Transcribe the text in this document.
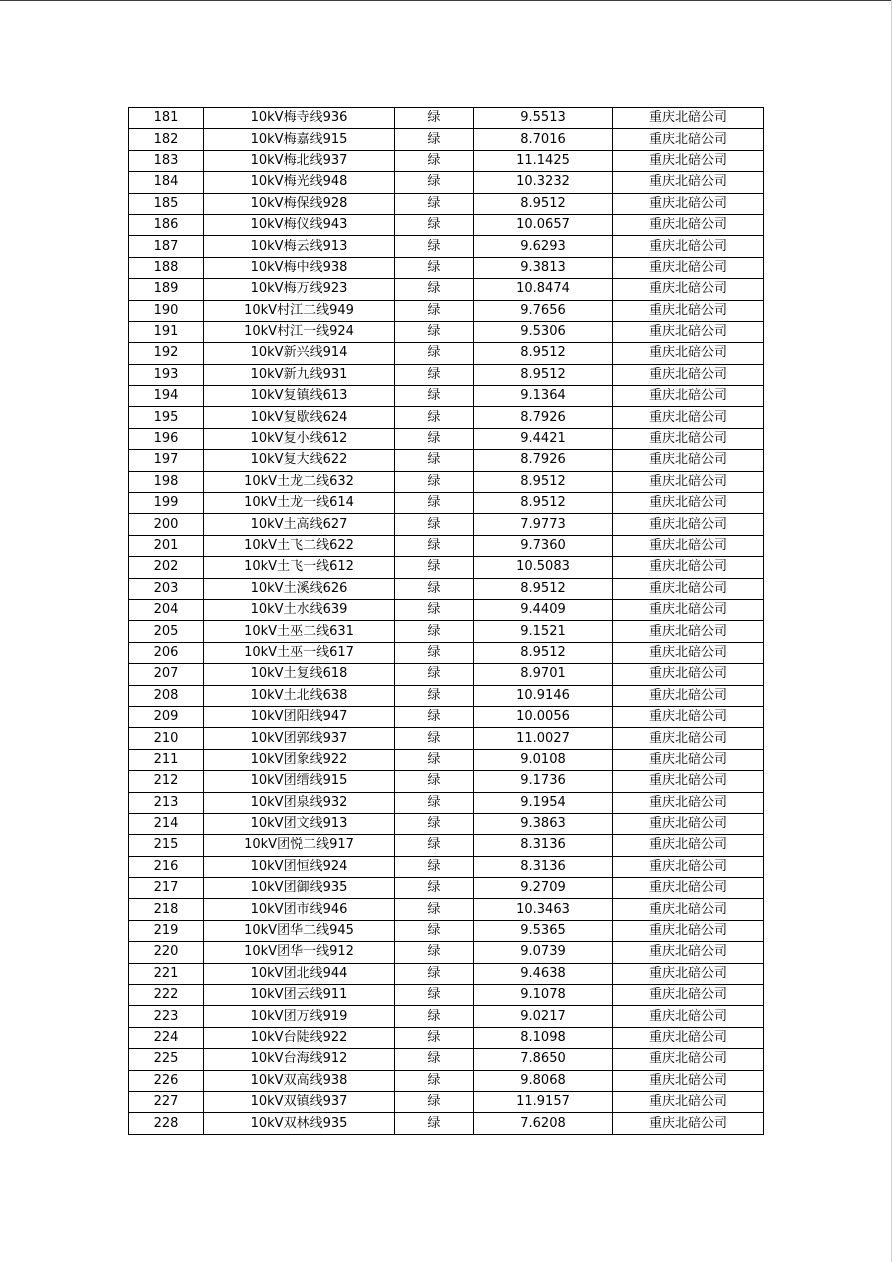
181	10kV梅寺线936	绿	9.5513	重庆北碚公司
182	10kV梅嘉线915	绿	8.7016	重庆北碚公司
183	10kV梅北线937	绿	11.1425	重庆北碚公司
184	10kV梅光线948	绿	10.3232	重庆北碚公司
185	10kV梅保线928	绿	8.9512	重庆北碚公司
186	10kV梅仪线943	绿	10.0657	重庆北碚公司
187	10kV梅云线913	绿	9.6293	重庆北碚公司
188	10kV梅中线938	绿	9.3813	重庆北碚公司
189	10kV梅万线923	绿	10.8474	重庆北碚公司
190	10kV村江二线949	绿	9.7656	重庆北碚公司
191	10kV村江一线924	绿	9.5306	重庆北碚公司
192	10kV新兴线914	绿	8.9512	重庆北碚公司
193	10kV新九线931	绿	8.9512	重庆北碚公司
194	10kV复镇线613	绿	9.1364	重庆北碚公司
195	10kV复歇线624	绿	8.7926	重庆北碚公司
196	10kV复小线612	绿	9.4421	重庆北碚公司
197	10kV复大线622	绿	8.7926	重庆北碚公司
198	10kV土龙二线632	绿	8.9512	重庆北碚公司
199	10kV土龙一线614	绿	8.9512	重庆北碚公司
200	10kV土高线627	绿	7.9773	重庆北碚公司
201	10kV土飞二线622	绿	9.7360	重庆北碚公司
202	10kV土飞一线612	绿	10.5083	重庆北碚公司
203	10kV土溪线626	绿	8.9512	重庆北碚公司
204	10kV土水线639	绿	9.4409	重庆北碚公司
205	10kV土巫二线631	绿	9.1521	重庆北碚公司
206	10kV土巫一线617	绿	8.9512	重庆北碚公司
207	10kV土复线618	绿	8.9701	重庆北碚公司
208	10kV土北线638	绿	10.9146	重庆北碚公司
209	10kV团阳线947	绿	10.0056	重庆北碚公司
210	10kV团郭线937	绿	11.0027	重庆北碚公司
211	10kV团象线922	绿	9.0108	重庆北碚公司
212	10kV团缙线915	绿	9.1736	重庆北碚公司
213	10kV团泉线932	绿	9.1954	重庆北碚公司
214	10kV团文线913	绿	9.3863	重庆北碚公司
215	10kV团悦二线917	绿	8.3136	重庆北碚公司
216	10kV团恒线924	绿	8.3136	重庆北碚公司
217	10kV团御线935	绿	9.2709	重庆北碚公司
218	10kV团市线946	绿	10.3463	重庆北碚公司
219	10kV团华二线945	绿	9.5365	重庆北碚公司
220	10kV团华一线912	绿	9.0739	重庆北碚公司
221	10kV团北线944	绿	9.4638	重庆北碚公司
222	10kV团云线911	绿	9.1078	重庆北碚公司
223	10kV团万线919	绿	9.0217	重庆北碚公司
224	10kV台陡线922	绿	8.1098	重庆北碚公司
225	10kV台海线912	绿	7.8650	重庆北碚公司
226	10kV双高线938	绿	9.8068	重庆北碚公司
227	10kV双镇线937	绿	11.9157	重庆北碚公司
228	10kV双林线935	绿	7.6208	重庆北碚公司
